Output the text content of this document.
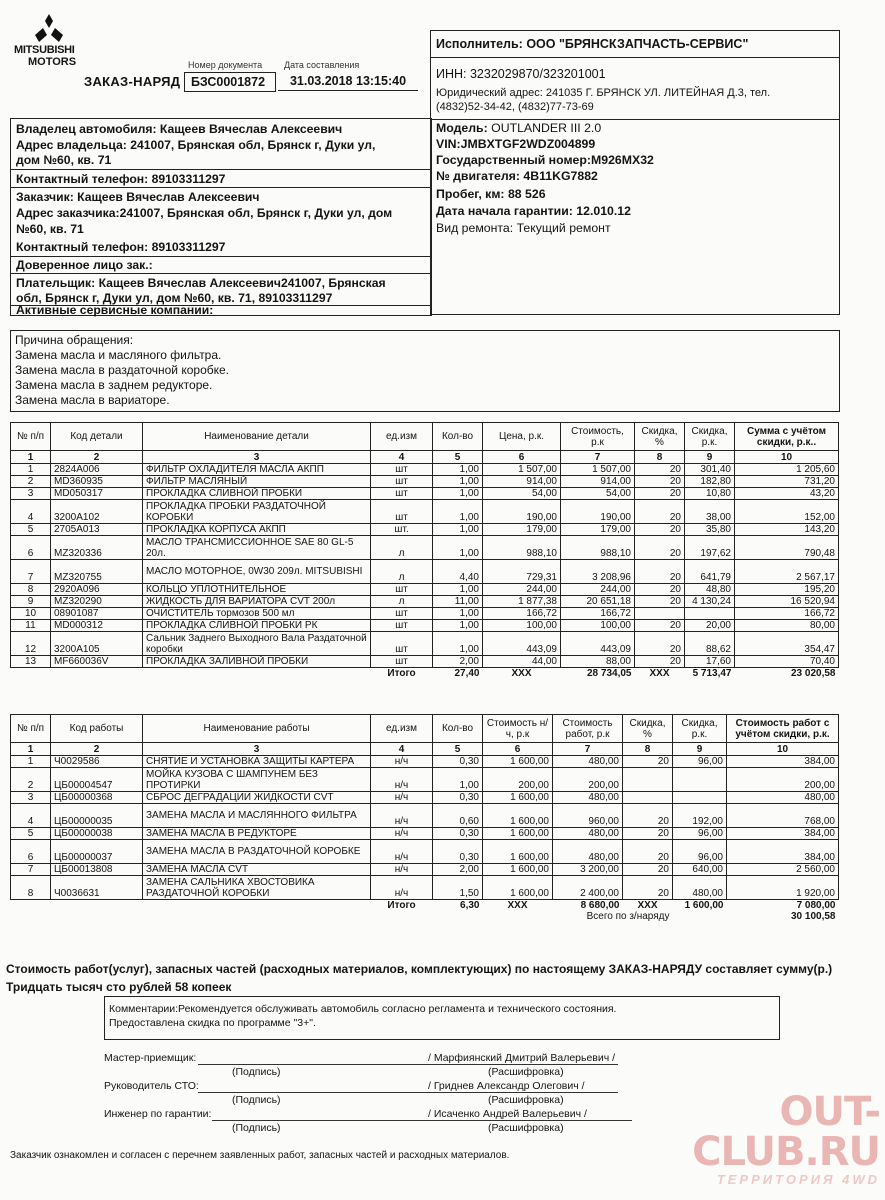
MITSUBISHI
MOTORS
ЗАКАЗ-НАРЯД
Номер документа Дата составления
БЗС0001872	31.03.2018 13:15:40
Исполнитель: ООО "БРЯНСКЗАПЧАСТЬ-СЕРВИС"
ИНН: 3232029870/323201001
Юридический адрес: 241035 Г. БРЯНСК УЛ. ЛИТЕЙНАЯ Д.3, тел.
(4832)52-34-42, (4832)77-73-69
Владелец автомобиля: Кащеев Вячеслав Алексеевич
Адрес владельца: 241007, Брянская обл, Брянск г, Дуки ул,
дом №60, кв. 71
Контактный телефон: 89103311297
Заказчик: Кащеев Вячеслав Алексеевич
Адрес заказчика:241007, Брянская обл, Брянск г, Дуки ул, дом
№60, кв. 71
Контактный телефон: 89103311297
Доверенное лицо зак.:
Плательщик: Кащеев Вячеслав Алексеевич241007, Брянская
обл, Брянск г, Дуки ул, дом №60, кв. 71, 89103311297
Активные сервисные компании:
Модель: OUTLANDER III 2.0
VIN:JMBXTGF2WDZ004899
Государственный номер:M926MX32
№ двигателя: 4B11KG7882
Пробег, км: 88 526
Дата начала гарантии: 12.010.12
Вид ремонта: Текущий ремонт
Причина обращения:
Замена масла и масляного фильтра.
Замена масла в раздаточной коробке.
Замена масла в заднем редукторе.
Замена масла в вариаторе.
№ п/п	Код детали	Наименование детали	ед.изм	Кол-во	Цена, р.к.	Стоимость, р.к	Скидка, %	Скидка, р.к.	Сумма с учётом скидки, р.к..
1	2	3	4	5	6	7	8	9	10
1	2824A006	ФИЛЬТР ОХЛАДИТЕЛЯ МАСЛА АКПП	шт	1,00	1 507,00	1 507,00	20	301,40	1 205,60
2	MD360935	ФИЛЬТР МАСЛЯНЫЙ	шт	1,00	914,00	914,00	20	182,80	731,20
3	MD050317	ПРОКЛАДКА СЛИВНОЙ ПРОБКИ	шт	1,00	54,00	54,00	20	10,80	43,20
4	3200A102	ПРОКЛАДКА ПРОБКИ РАЗДАТОЧНОЙ КОРОБКИ	шт	1,00	190,00	190,00	20	38,00	152,00
5	2705A013	ПРОКЛАДКА КОРПУСА АКПП	шт.	1,00	179,00	179,00	20	35,80	143,20
6	MZ320336	МАСЛО ТРАНСМИССИОННОЕ SAE 80 GL-5 20л.	л	1,00	988,10	988,10	20	197,62	790,48
7	MZ320755	МАСЛО МОТОРНОЕ, 0W30 209л. MITSUBISHI	л	4,40	729,31	3 208,96	20	641,79	2 567,17
8	2920A096	КОЛЬЦО УПЛОТНИТЕЛЬНОЕ	шт	1,00	244,00	244,00	20	48,80	195,20
9	MZ320290	ЖИДКОСТЬ ДЛЯ ВАРИАТОРА CVT 200л	л	11,00	1 877,38	20 651,18	20	4 130,24	16 520,94
10	08901087	ОЧИСТИТЕЛЬ тормозов 500 мл	шт	1,00	166,72	166,72			166,72
11	MD000312	ПРОКЛАДКА СЛИВНОЙ ПРОБКИ РК	шт	1,00	100,00	100,00	20	20,00	80,00
12	3200A105	Сальник Заднего Выходного Вала Раздаточной коробки	шт	1,00	443,09	443,09	20	88,62	354,47
13	MF660036V	ПРОКЛАДКА ЗАЛИВНОЙ ПРОБКИ	шт	2,00	44,00	88,00	20	17,60	70,40
			Итого	27,40	XXX	28 734,05	XXX	5 713,47	23 020,58
№ п/п	Код работы	Наименование работы	ед.изм	Кол-во	Стоимость н/ч, р.к	Стоимость работ, р.к	Скидка, %	Скидка, р.к.	Стоимость работ с учётом скидки, р.к.
1	2	3	4	5	6	7	8	9	10
1	Ч0029586	СНЯТИЕ И УСТАНОВКА ЗАЩИТЫ КАРТЕРА	н/ч	0,30	1 600,00	480,00	20	96,00	384,00
2	ЦБ00004547	МОЙКА КУЗОВА С ШАМПУНЕМ БЕЗ ПРОТИРКИ	н/ч	1,00	200,00	200,00			200,00
3	ЦБ00000368	СБРОС ДЕГРАДАЦИИ ЖИДКОСТИ CVT	н/ч	0,30	1 600,00	480,00			480,00
4	ЦБ00000035	ЗАМЕНА МАСЛА И МАСЛЯННОГО ФИЛЬТРА	н/ч	0,60	1 600,00	960,00	20	192,00	768,00
5	ЦБ00000038	ЗАМЕНА МАСЛА В РЕДУКТОРЕ	н/ч	0,30	1 600,00	480,00	20	96,00	384,00
6	ЦБ00000037	ЗАМЕНА МАСЛА В РАЗДАТОЧНОЙ КОРОБКЕ	н/ч	0,30	1 600,00	480,00	20	96,00	384,00
7	ЦБ00013808	ЗАМЕНА МАСЛА CVT	н/ч	2,00	1 600,00	3 200,00	20	640,00	2 560,00
8	Ч0036631	ЗАМЕНА САЛЬНИКА ХВОСТОВИКА РАЗДАТОЧНОЙ КОРОБКИ	н/ч	1,50	1 600,00	2 400,00	20	480,00	1 920,00
			Итого	6,30	XXX	8 680,00	XXX	1 600,00	7 080,00
					Всего по з/наряду				30 100,58
Стоимость работ(услуг), запасных частей (расходных материалов, комплектующих) по настоящему ЗАКАЗ-НАРЯДУ составляет сумму(р.)
Тридцать тысяч сто рублей 58 копеек
Комментарии:Рекомендуется обслуживать автомобиль согласно регламента и технического состояния.
Предоставлена скидка по программе "3+".
Мастер-приемщик:	/ Марфиянский Дмитрий Валерьевич /
(Подпись)	(Расшифровка)
Руководитель СТО:	/ Гриднев Александр Олегович /
(Подпись)	(Расшифровка)
Инженер по гарантии:	/ Исаченко Андрей Валерьевич /
(Подпись)	(Расшифровка)
Заказчик ознакомлен и согласен с перечнем заявленных работ, запасных частей и расходных материалов.
OUT-
CLUB.RU
ТЕРРИТОРИЯ 4WD
